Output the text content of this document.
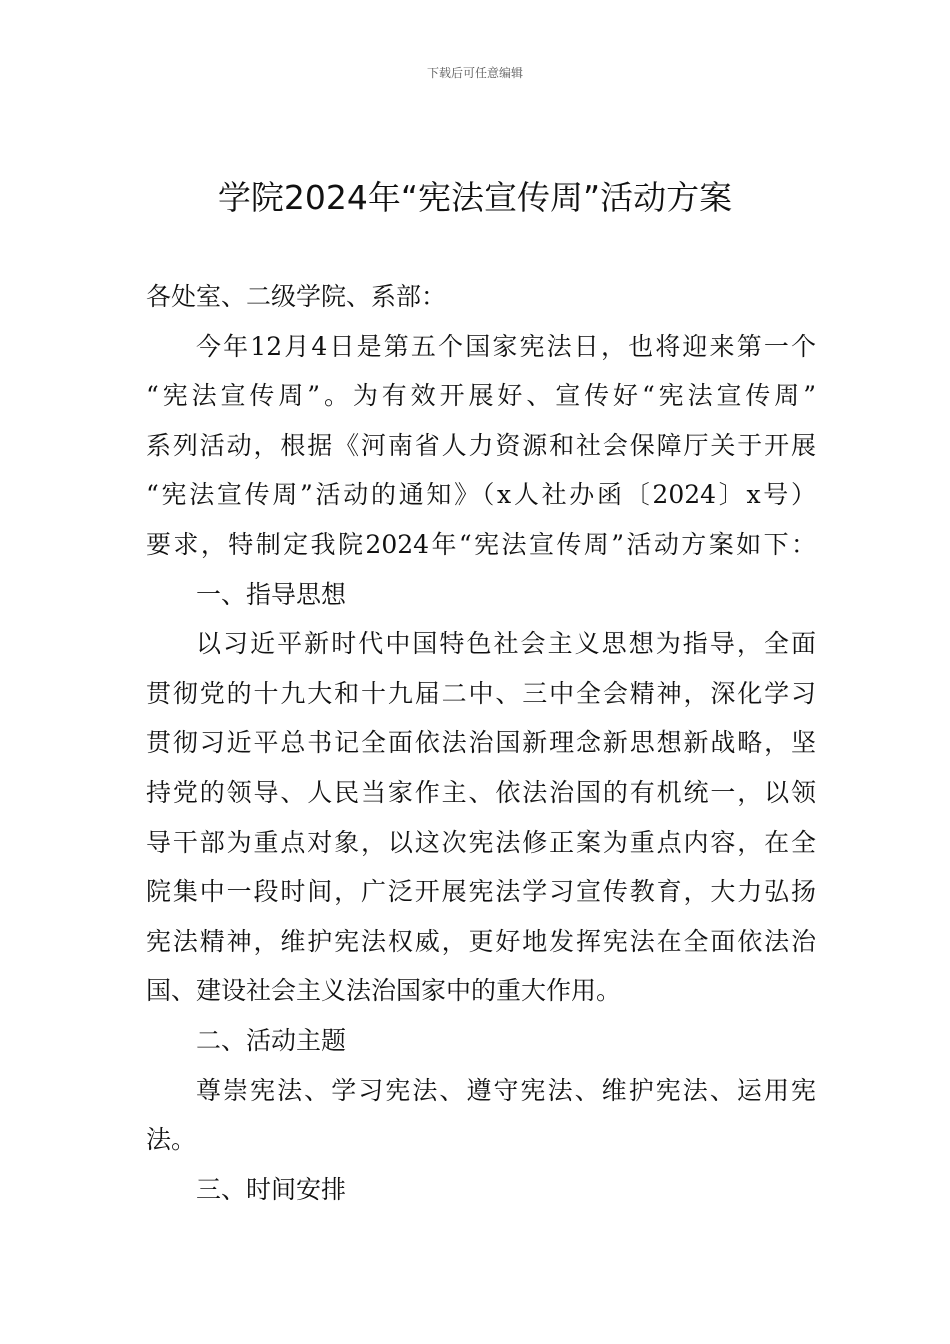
下载后可任意编辑
学院2024年“宪法宣传周”活动方案
各处室、二级学院、系部：
今年12月4日是第五个国家宪法日，也将迎来第一个
“宪法宣传周”。为有效开展好、宣传好“宪法宣传周”
系列活动，根据《河南省人力资源和社会保障厅关于开展
“宪法宣传周”活动的通知》（x人社办函〔2024〕x号）
要求，特制定我院2024年“宪法宣传周”活动方案如下：
一、指导思想
以习近平新时代中国特色社会主义思想为指导，全面
贯彻党的十九大和十九届二中、三中全会精神，深化学习
贯彻习近平总书记全面依法治国新理念新思想新战略，坚
持党的领导、人民当家作主、依法治国的有机统一，以领
导干部为重点对象，以这次宪法修正案为重点内容，在全
院集中一段时间，广泛开展宪法学习宣传教育，大力弘扬
宪法精神，维护宪法权威，更好地发挥宪法在全面依法治
国、建设社会主义法治国家中的重大作用。
二、活动主题
尊崇宪法、学习宪法、遵守宪法、维护宪法、运用宪
法。
三、时间安排
